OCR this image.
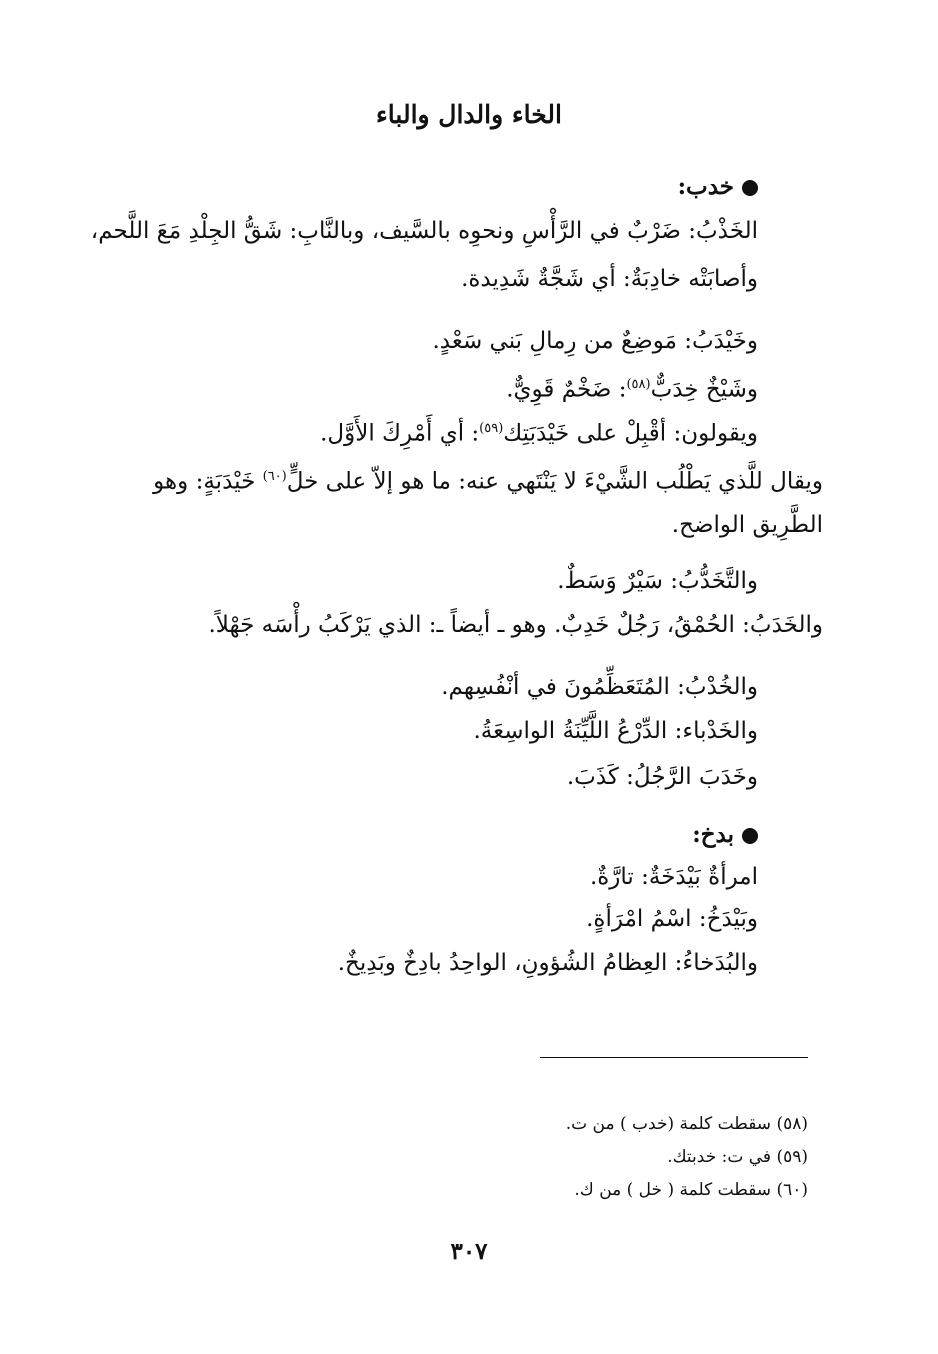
الخاء والدال والباء
خدب:
الخَذْبُ: ضَرْبٌ في الرَّأْسِ ونحوِه بالسَّيف، وبالنَّابِ: شَقُّ الجِلْدِ مَعَ اللَّحم،
وأصابَتْه خادِبَةٌ: أي شَجَّةٌ شَدِيدة.
وخَيْدَبُ: مَوضِعٌ من رِمالِ بَني سَعْدٍ.
وشَيْخٌ خِدَبٌّ$^{(٥٨)}$: ضَخْمٌ قَوِيٌّ.
ويقولون: أقْبِلْ على خَيْدَبَتِك$^{(٥٩)}$: أي أَمْرِكَ الأَوَّل.
ويقال للَّذي يَطْلُب الشَّيْءَ لا يَنْتَهي عنه: ما هو إلاّ على خلٍّ$^{(٦٠)}$ خَيْدَبَةٍ: وهو
الطَّرِيق الواضح.
والتَّخَدُّبُ: سَيْرٌ وَسَطٌ.
والخَدَبُ: الحُمْقُ، رَجُلٌ خَدِبٌ. وهو ـ أيضاً ـ: الذي يَرْكَبُ رأْسَه جَهْلاً.
والخُدْبُ: المُتَعَظِّمُونَ في أنْفُسِهم.
والخَدْباء: الدِّرْعُ اللَّيِّنَةُ الواسِعَةُ.
وخَدَبَ الرَّجُلُ: كَذَبَ.
بدخ:
امرأةٌ بَيْدَخَةٌ: تارَّةٌ.
وبَيْدَخُ: اسْمُ امْرَأةٍ.
والبُدَخاءُ: العِظامُ الشُؤونِ، الواحِدُ بادِخٌ وبَدِيخٌ.
(٥٨) سقطت كلمة (خدب ) من ت.
(٥٩) في ت: خدبتك.
(٦٠) سقطت كلمة ( خل ) من ك.
٣٠٧
